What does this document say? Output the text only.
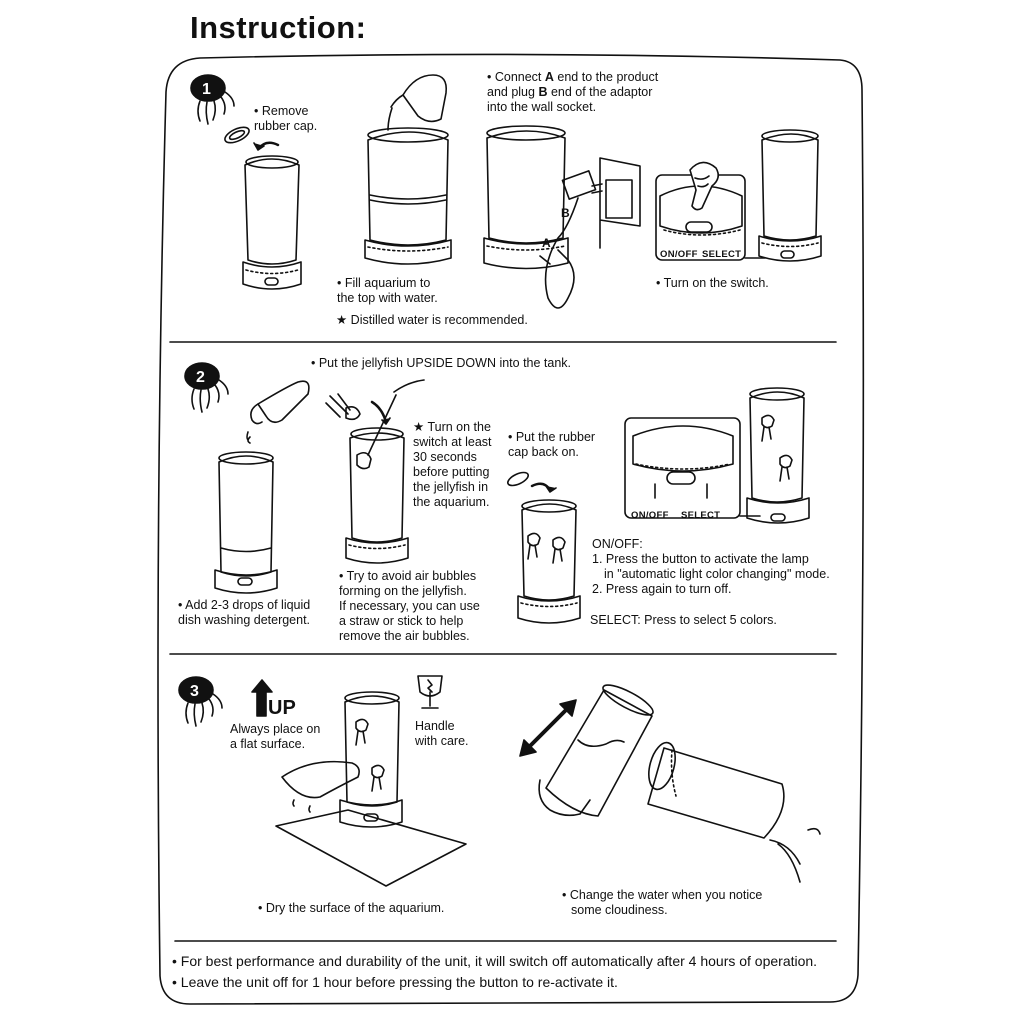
Instruction:
1
2
3
• Remove
rubber cap.
• Fill aquarium to
the top with water.
★ Distilled water is recommended.
• Connect A end to the product
and plug B end of the adaptor
into the wall socket.
B
A
ON/OFF SELECT
• Turn on the switch.
• Put the jellyfish UPSIDE DOWN into the tank.
★ Turn on the
switch at least
30 seconds
before putting
the jellyfish in
the aquarium.
• Put the rubber
cap back on.
• Add 2-3 drops of liquid
dish washing detergent.
• Try to avoid air bubbles
forming on the jellyfish.
If necessary, you can use
a straw or stick to help
remove the air bubbles.
ON/OFF SELECT
ON/OFF:
1. Press the button to activate the lamp
in "automatic light color changing" mode.
2. Press again to turn off.
SELECT: Press to select 5 colors.
UP
Always place on
a flat surface.
Handle
with care.
• Dry the surface of the aquarium.
• Change the water when you notice
some cloudiness.
• For best performance and durability of the unit, it will switch off automatically after 4 hours of operation.
• Leave the unit off for 1 hour before pressing the button to re-activate it.
